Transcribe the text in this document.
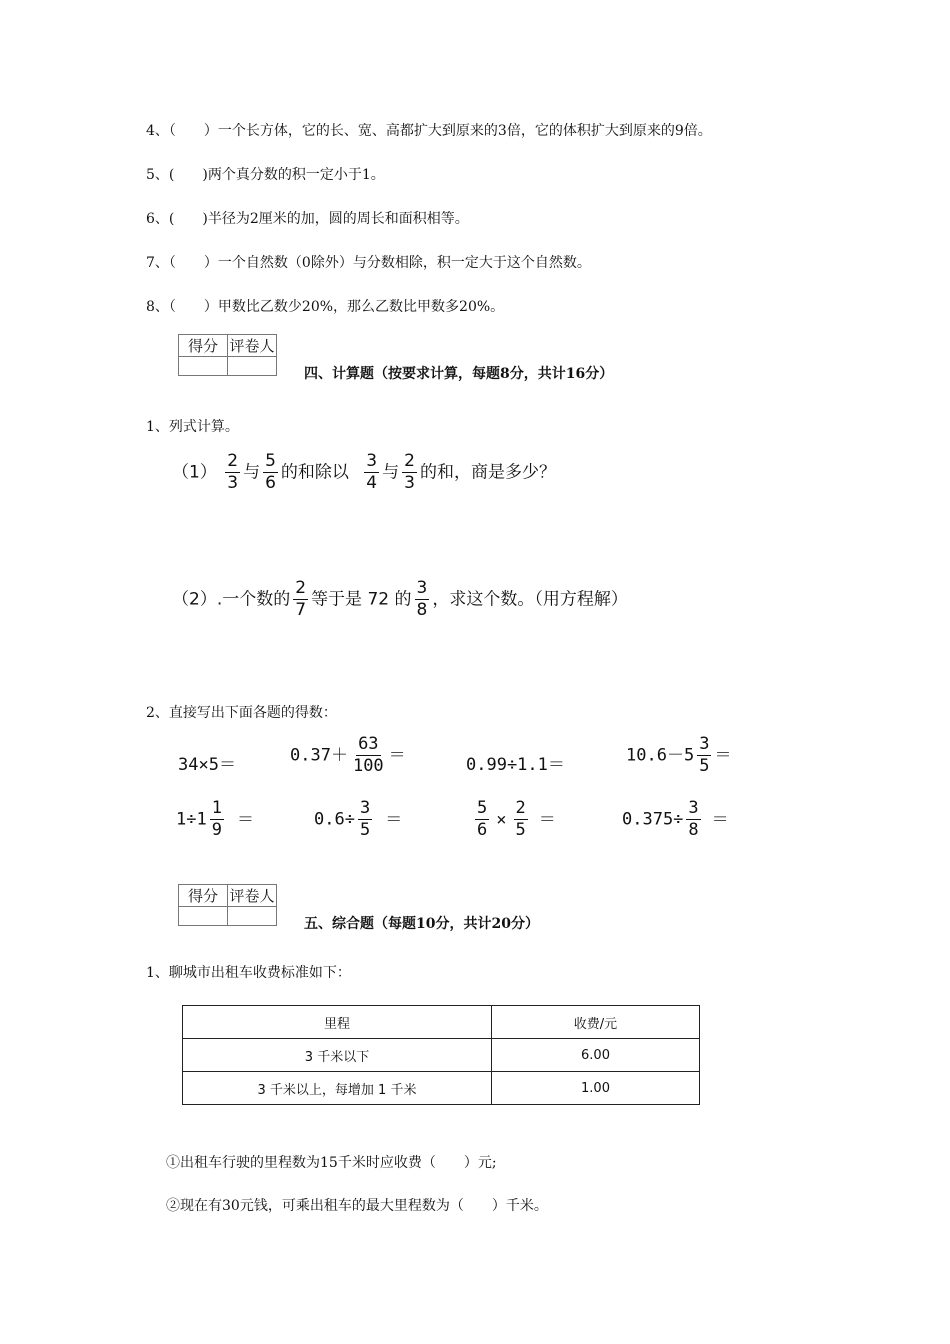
4、（　　）一个长方体，它的长、宽、高都扩大到原来的3倍，它的体积扩大到原来的9倍。
5、(　　)两个真分数的积一定小于1。
6、(　　)半径为2厘米的加，圆的周长和面积相等。
7、（　　）一个自然数（0除外）与分数相除，积一定大于这个自然数。
8、（　　）甲数比乙数少20%，那么乙数比甲数多20%。
得分	评卷人

四、计算题（按要求计算，每题8分，共计16分）
1、列式计算。
$(1) \frac{2}{3}$ 与 $\frac{5}{6}$ 的和除以 $\frac{3}{4}$ 与 $\frac{2}{3}$ 的和，商是多少？
（2）.一个数的 $\frac{2}{7}$ 等于是 72 的 $\frac{3}{8}$ ，求这个数。（用方程解）
2、直接写出下面各题的得数：
34×5＝	$0.37+ \frac{63}{100}$ ＝	0.99÷1.1＝	$10.6-5 \frac{3}{5}$ ＝
$1\div 1 \frac{1}{9}$ ＝	$0.6\div \frac{3}{5}$ ＝	$\frac{5}{6} \times \frac{2}{5}$ ＝	$0.375\div \frac{3}{8}$ ＝
得分	评卷人

五、综合题（每题10分，共计20分）
1、聊城市出租车收费标准如下：
里程	收费/元
3 千米以下	6.00
3 千米以上，每增加 1 千米	1.00
①出租车行驶的里程数为15千米时应收费（　　）元;
②现在有30元钱，可乘出租车的最大里程数为（　　）千米。
